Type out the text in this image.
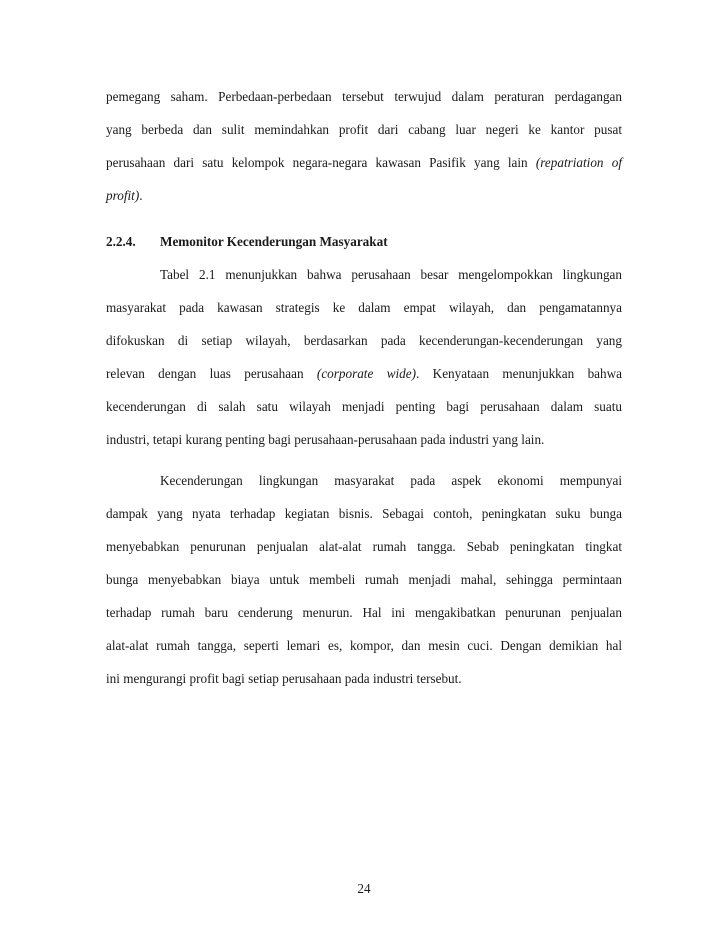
pemegang saham. Perbedaan-perbedaan tersebut terwujud dalam peraturan perdagangan
yang berbeda dan sulit memindahkan profit dari cabang luar negeri ke kantor pusat
perusahaan dari satu kelompok negara-negara kawasan Pasifik yang lain (repatriation of
profit).
2.2.4. Memonitor Kecenderungan Masyarakat
Tabel 2.1 menunjukkan bahwa perusahaan besar mengelompokkan lingkungan
masyarakat pada kawasan strategis ke dalam empat wilayah, dan pengamatannya
difokuskan di setiap wilayah, berdasarkan pada kecenderungan-kecenderungan yang
relevan dengan luas perusahaan (corporate wide). Kenyataan menunjukkan bahwa
kecenderungan di salah satu wilayah menjadi penting bagi perusahaan dalam suatu
industri, tetapi kurang penting bagi perusahaan-perusahaan pada industri yang lain.
Kecenderungan lingkungan masyarakat pada aspek ekonomi mempunyai
dampak yang nyata terhadap kegiatan bisnis. Sebagai contoh, peningkatan suku bunga
menyebabkan penurunan penjualan alat-alat rumah tangga. Sebab peningkatan tingkat
bunga menyebabkan biaya untuk membeli rumah menjadi mahal, sehingga permintaan
terhadap rumah baru cenderung menurun. Hal ini mengakibatkan penurunan penjualan
alat-alat rumah tangga, seperti lemari es, kompor, dan mesin cuci. Dengan demikian hal
ini mengurangi profit bagi setiap perusahaan pada industri tersebut.
24
